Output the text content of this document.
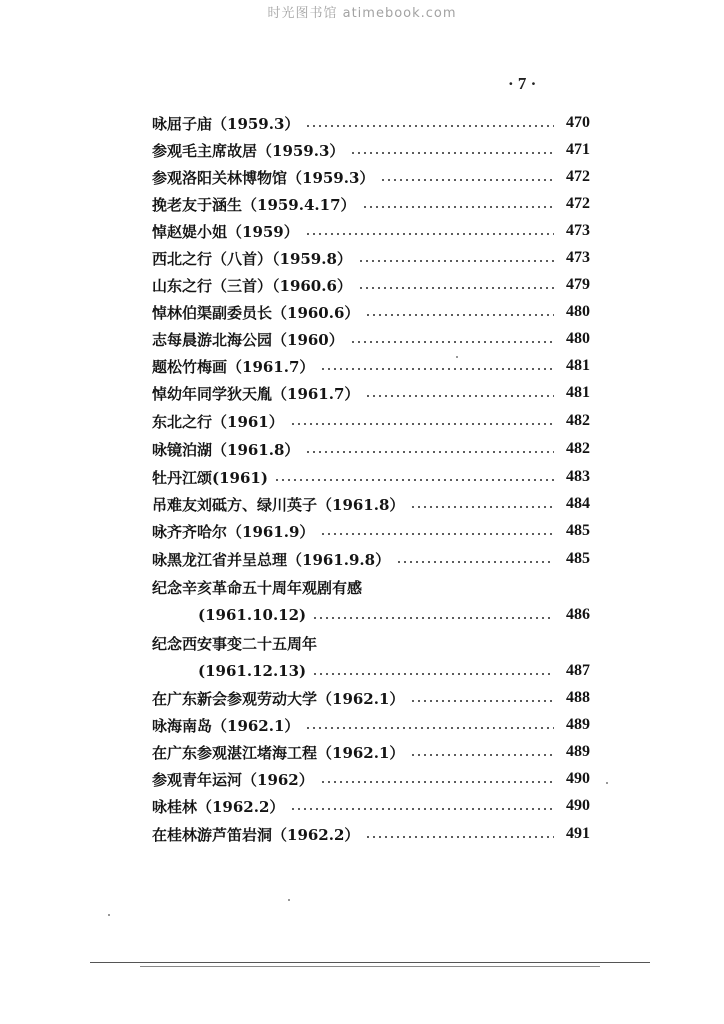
时光图书馆 atimebook.com
· 7 ·
咏屈子庙（1959.3）	470
参观毛主席故居（1959.3）	471
参观洛阳关林博物馆（1959.3）	472
挽老友于涵生（1959.4.17）	472
悼赵媞小姐（1959）	473
西北之行（八首）（1959.8）	473
山东之行（三首）（1960.6）	479
悼林伯渠副委员长（1960.6）	480
志每晨游北海公园（1960）	480
题松竹梅画（1961.7）	481
悼幼年同学狄天胤（1961.7）	481
东北之行（1961）	482
咏镜泊湖（1961.8）	482
牡丹江颂(1961)	483
吊难友刘砥方、绿川英子（1961.8）	484
咏齐齐哈尔（1961.9）	485
咏黑龙江省并呈总理（1961.9.8）	485
纪念辛亥革命五十周年观剧有感
(1961.10.12)	486
纪念西安事变二十五周年
(1961.12.13)	487
在广东新会参观劳动大学（1962.1）	488
咏海南岛（1962.1）	489
在广东参观湛江堵海工程（1962.1）	489
参观青年运河（1962）	490
咏桂林（1962.2）	490
在桂林游芦笛岩洞（1962.2）	491
